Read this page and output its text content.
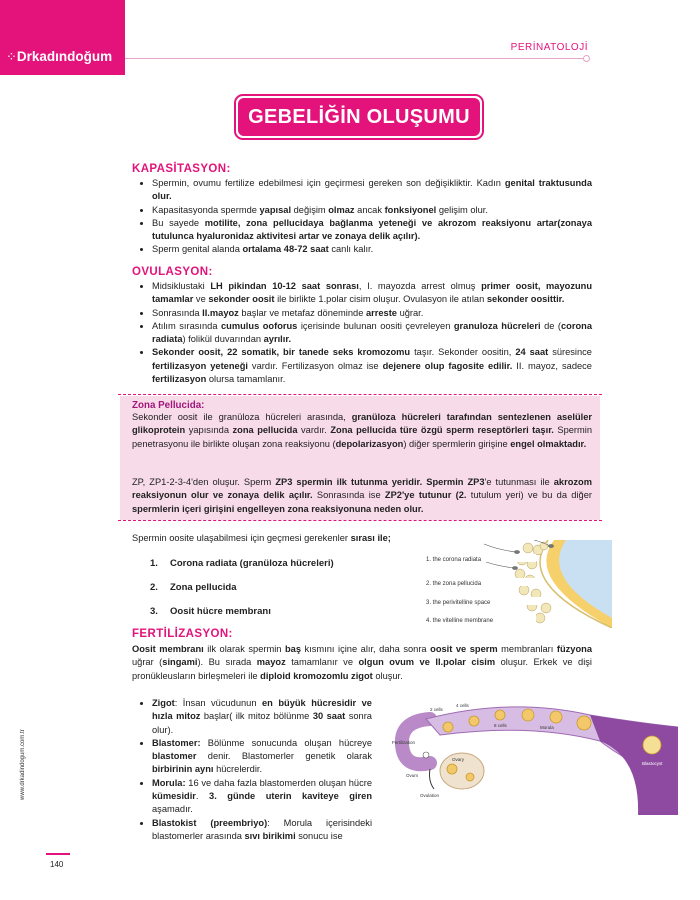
⁘Drkadındoğum
PERİNATOLOJİ
GEBELİĞİN OLUŞUMU
KAPASİTASYON:
• Spermin, ovumu fertilize edebilmesi için geçirmesi gereken son değişikliktir. Kadın genital traktusunda olur.
• Kapasitasyonda spermde yapısal değişim olmaz ancak fonksiyonel gelişim olur.
• Bu sayede motilite, zona pellucidaya bağlanma yeteneği ve akrozom reaksiyonu artar(zonaya tutulunca hyaluronidaz aktivitesi artar ve zonaya delik açılır).
• Sperm genital alanda ortalama 48-72 saat canlı kalır.
OVULASYON:
• Midsiklustaki LH pikindan 10-12 saat sonrası, I. mayozda arrest olmuş primer oosit, mayozunu tamamlar ve sekonder oosit ile birlikte 1.polar cisim oluşur. Ovulasyon ile atılan sekonder oosittir.
• Sonrasında II.mayoz başlar ve metafaz döneminde arreste uğrar.
• Atılım sırasında cumulus ooforus içerisinde bulunan oositi çevreleyen granuloza hücreleri de (corona radiata) folikül duvarından ayrılır.
• Sekonder oosit, 22 somatik, bir tanede seks kromozomu taşır. Sekonder oositin, 24 saat süresince fertilizasyon yeteneği vardır. Fertilizasyon olmaz ise dejenere olup fagosite edilir. II. mayoz, sadece fertilizasyon olursa tamamlanır.
Zona Pellucida:
Sekonder oosit ile granüloza hücreleri arasında, granüloza hücreleri tarafından sentezlenen aselüler glikoprotein yapısında zona pellucida vardır. Zona pellucida türe özgü sperm reseptörleri taşır. Spermin penetrasyonu ile birlikte oluşan zona reaksiyonu (depolarizasyon) diğer spermlerin girişine engel olmaktadır.
ZP, ZP1-2-3-4'den oluşur. Sperm ZP3 spermin ilk tutunma yeridir. Spermin ZP3'e tutunması ile akrozom reaksiyonun olur ve zonaya delik açılır. Sonrasında ise ZP2'ye tutunur (2. tutulum yeri) ve bu da diğer spermlerin içeri girişini engelleyen zona reaksiyonuna neden olur.
Spermin oosite ulaşabilmesi için geçmesi gerekenler sırası ile;
1. Corona radiata (granüloza hücreleri)
2. Zona pellucida
3. Oosit hücre membranı
1. the corona radiata
2. the zona pellucida
3. the perivitelline space
4. the vitelline membrane
FERTİLİZASYON:
Oosit membranı ilk olarak spermin baş kısmını içine alır, daha sonra oosit ve sperm membranları füzyona uğrar (singami). Bu sırada mayoz tamamlanır ve olgun ovum ve II.polar cisim oluşur. Erkek ve dişi pronükleusların birleşmeleri ile diploid kromozomlu zigot oluşur.
• Zigot: İnsan vücudunun en büyük hücresidir ve hızla mitoz başlar( ilk mitoz bölünme 30 saat sonra olur).
• Blastomer: Bölünme sonucunda oluşan hücreye blastomer denir. Blastomerler genetik olarak birbirinin aynı hücrelerdir.
• Morula: 16 ve daha fazla blastomerden oluşan hücre kümesidir. 3. günde uterin kaviteye giren aşamadır.
• Blastokist (preembriyo): Morula içerisindeki blastomerler arasında sıvı birikimi sonucu ise
2 cells
4 cells
8 cells	Morula
Blastocyst
Fertilization
Ovary
Ovum
Ovulation
www.drkadindogum.com.tr
140
